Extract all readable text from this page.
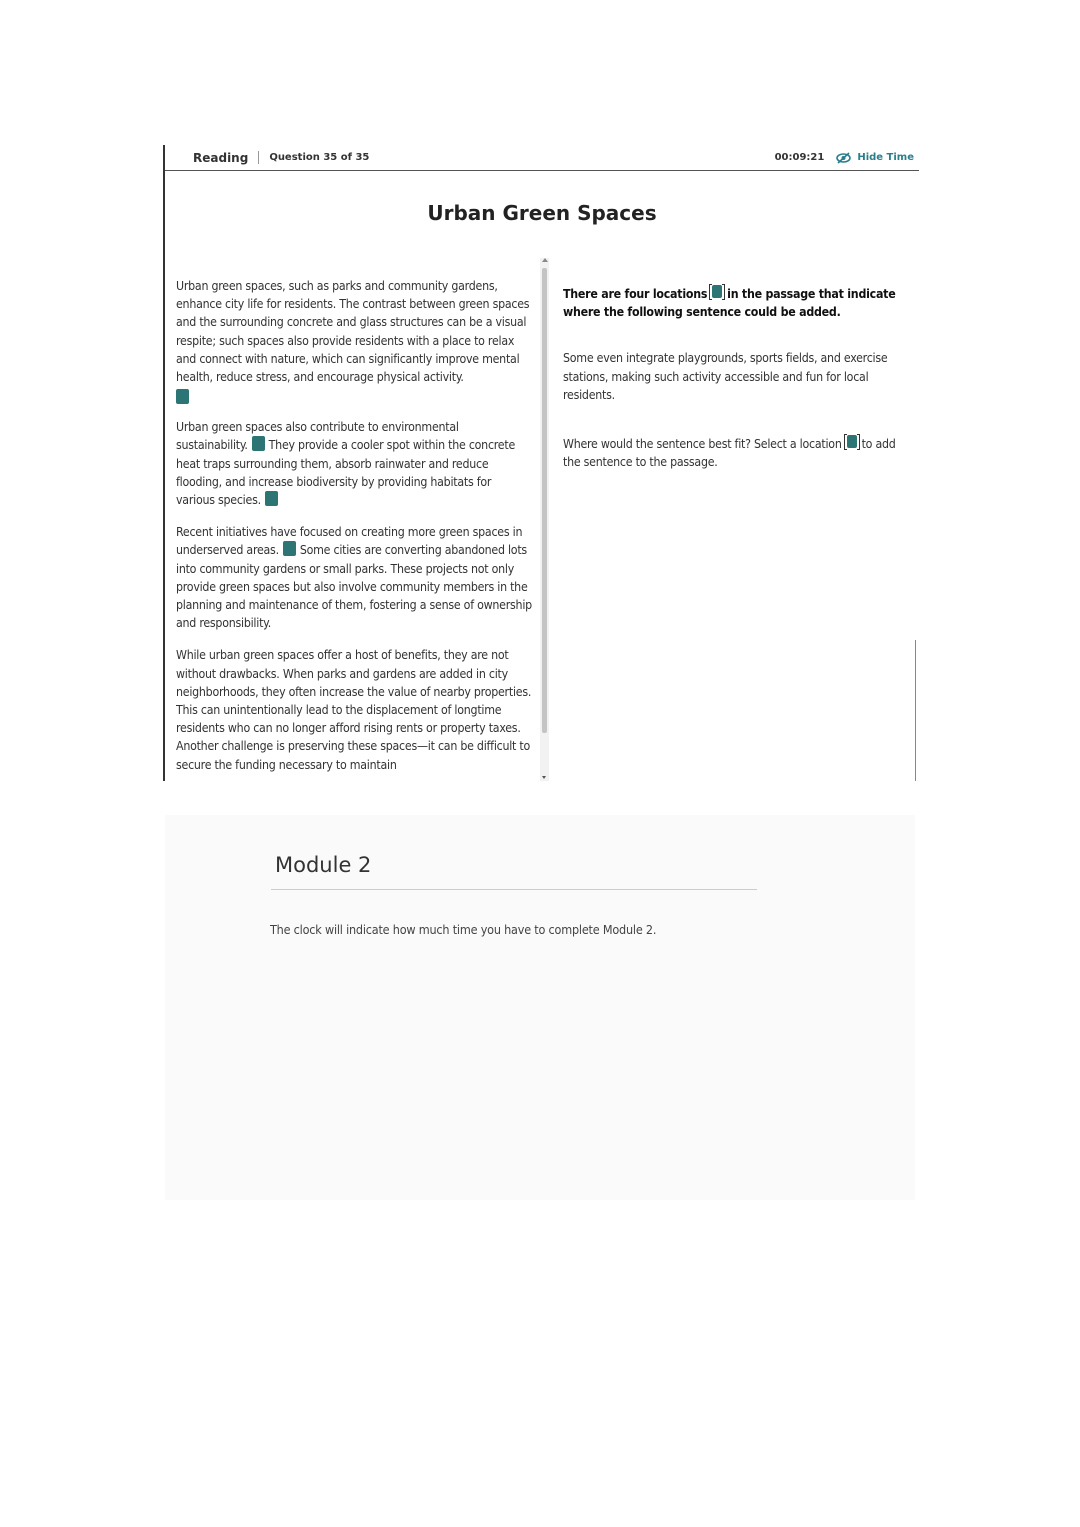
Reading Question 35 of 35	00:09:21	Hide Time
Urban Green Spaces

Urban green spaces, such as parks and community gardens, enhance city life for residents. The contrast between green spaces and the surrounding concrete and glass structures can be a visual respite; such spaces also provide residents with a place to relax and connect with nature, which can significantly improve mental health, reduce stress, and encourage physical activity.

Urban green spaces also contribute to environmental sustainability. They provide a cooler spot within the concrete heat traps surrounding them, absorb rainwater and reduce flooding, and increase biodiversity by providing habitats for various species.

Recent initiatives have focused on creating more green spaces in underserved areas. Some cities are converting abandoned lots into community gardens or small parks. These projects not only provide green spaces but also involve community members in the planning and maintenance of them, fostering a sense of ownership and responsibility.

While urban green spaces offer a host of benefits, they are not without drawbacks. When parks and gardens are added in city neighborhoods, they often increase the value of nearby properties. This can unintentionally lead to the displacement of longtime residents who can no longer afford rising rents or property taxes. Another challenge is preserving these spaces—it can be difficult to secure the funding necessary to maintain

There are four locations in the passage that indicate where the following sentence could be added.

Some even integrate playgrounds, sports fields, and exercise stations, making such activity accessible and fun for local residents.

Where would the sentence best fit? Select a location to add the sentence to the passage.

Module 2
The clock will indicate how much time you have to complete Module 2.
